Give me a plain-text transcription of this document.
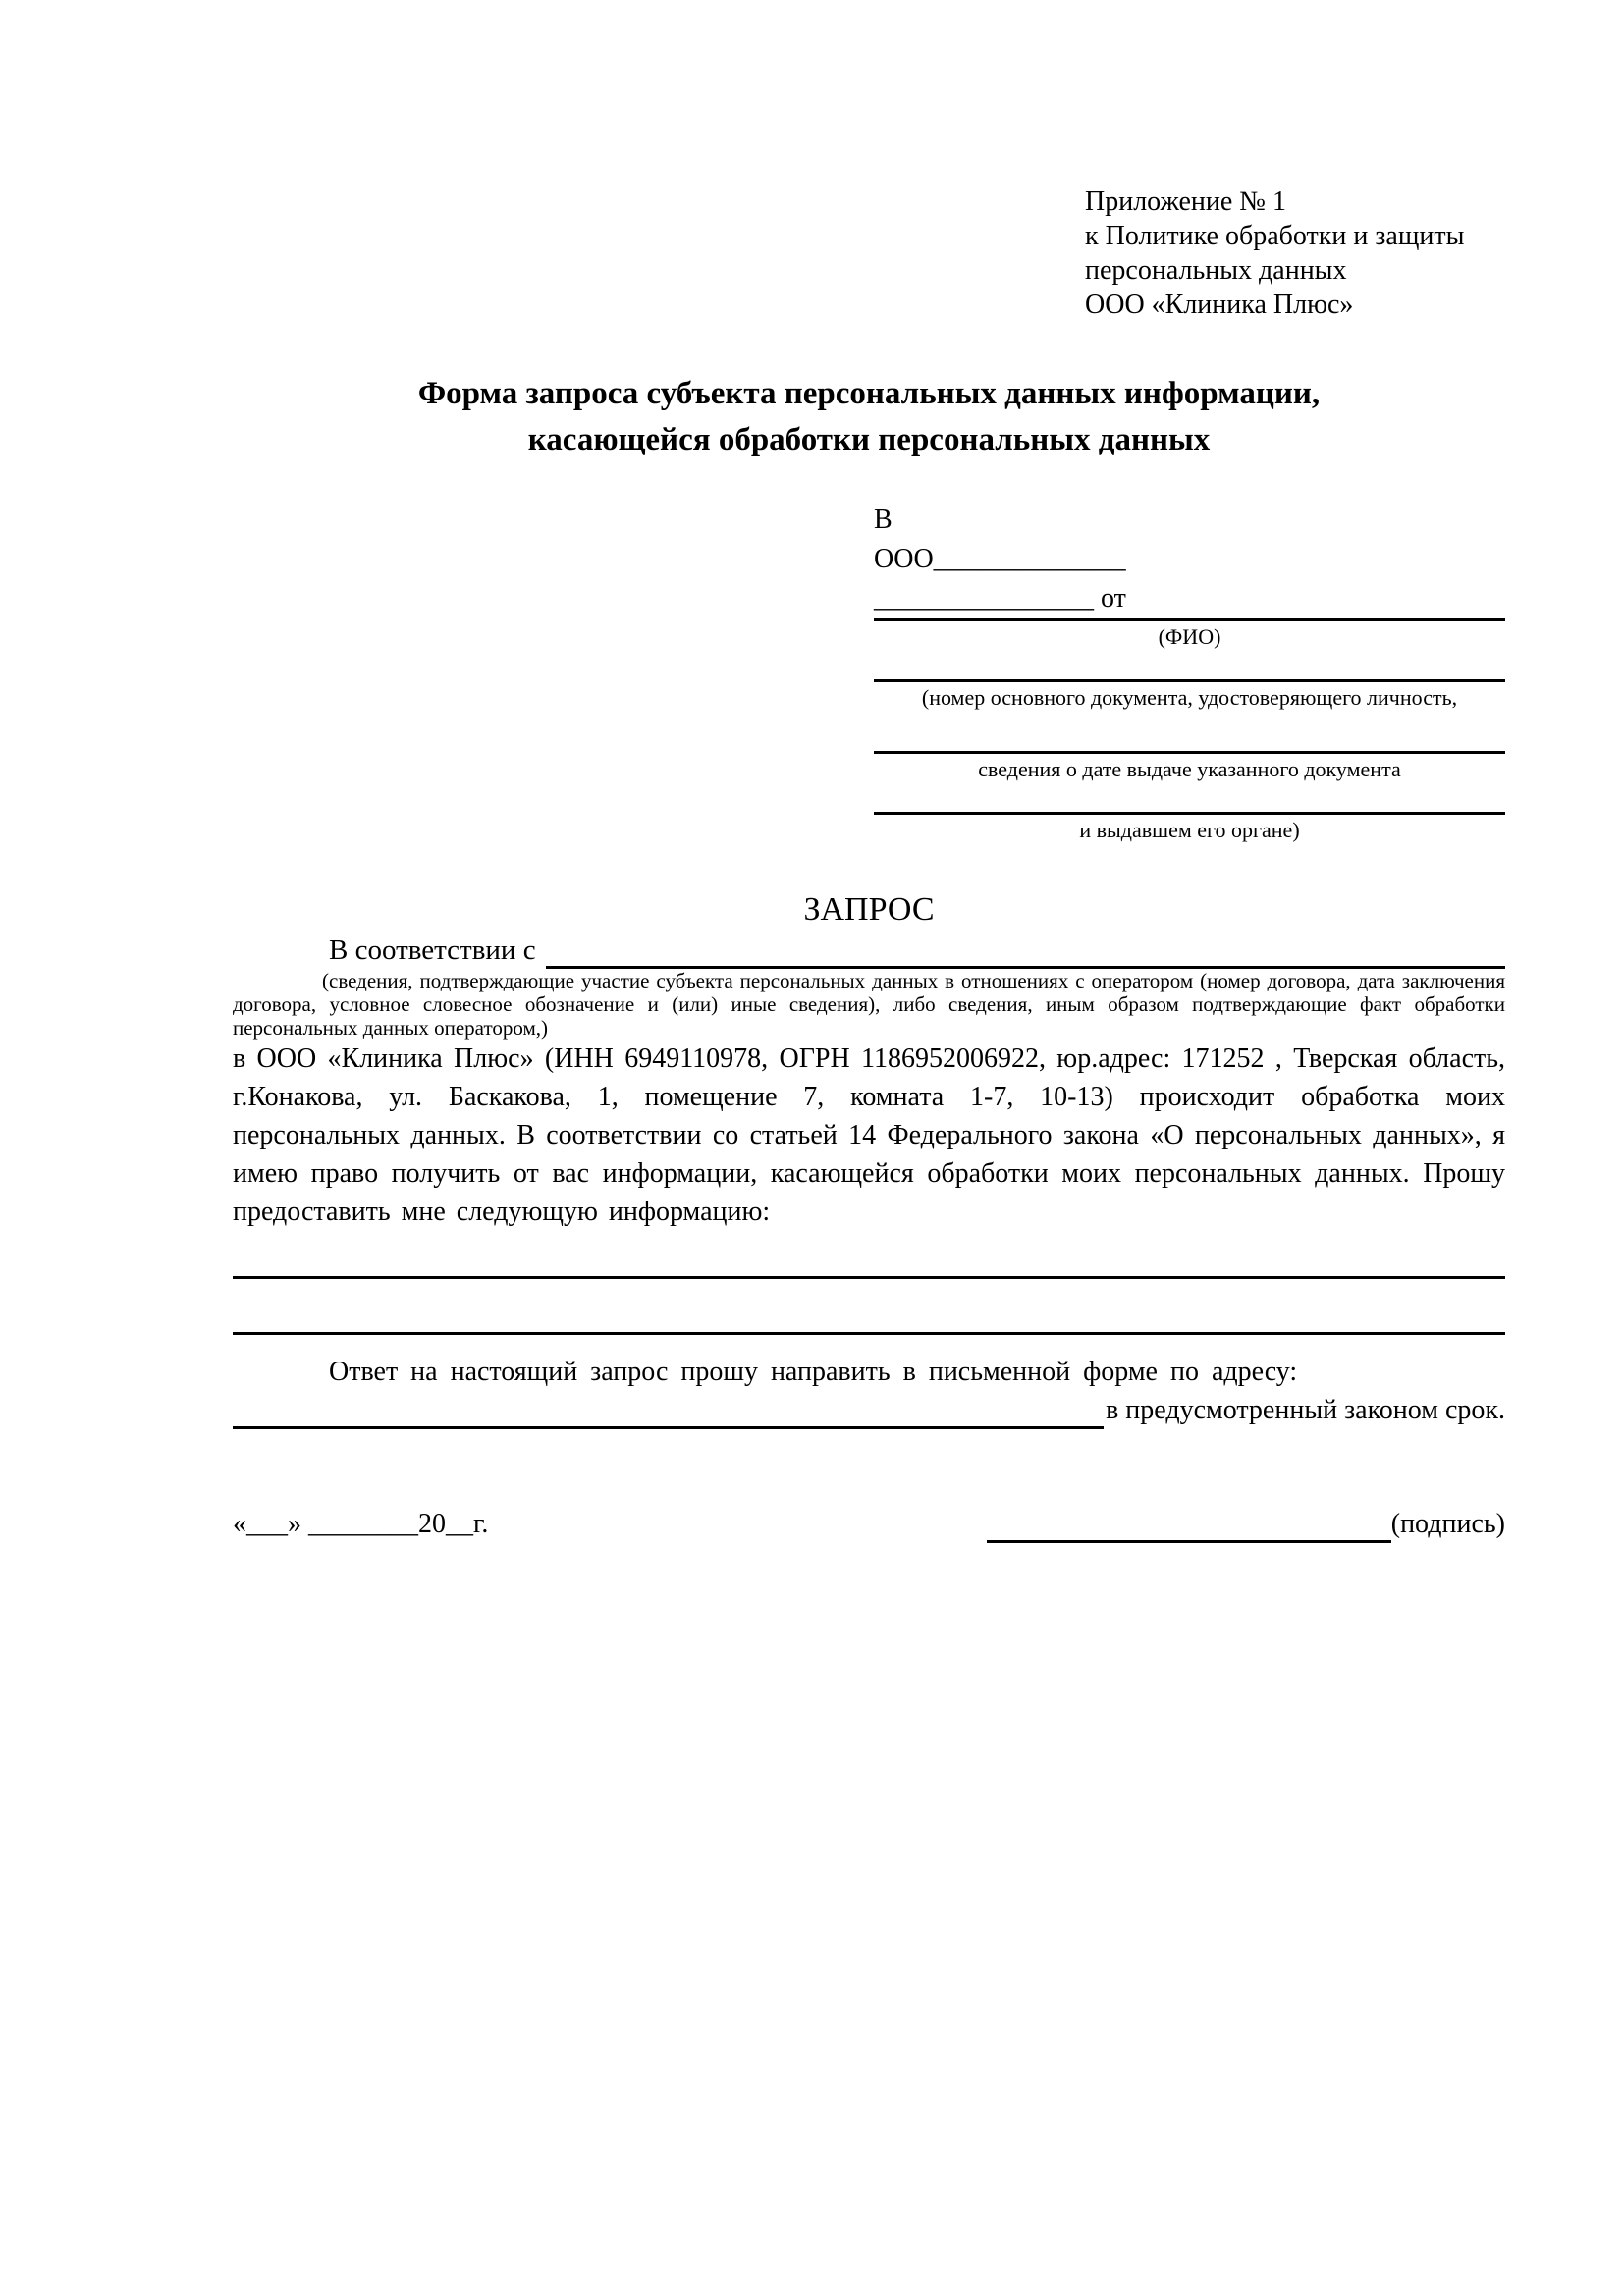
Приложение № 1
к Политике обработки и защиты
персональных данных
ООО «Клиника Плюс»
Форма запроса субъекта персональных данных информации,
касающейся обработки персональных данных
В
ООО______________
________________ от
(ФИО)
(номер основного документа, удостоверяющего личность,
сведения о дате выдаче указанного документа
и выдавшем его органе)
ЗАПРОС
В соответствии с
(сведения, подтверждающие участие субъекта персональных данных в отношениях с оператором (номер договора, дата заключения договора, условное словесное обозначение и (или) иные сведения), либо сведения, иным образом подтверждающие факт обработки персональных данных оператором,)
в ООО «Клиника Плюс» (ИНН 6949110978, ОГРН 1186952006922, юр.адрес: 171252 , Тверская область, г.Конакова, ул. Баскакова, 1, помещение 7, комната 1-7, 10-13) происходит обработка моих персональных данных. В соответствии со статьей 14 Федерального закона «О персональных данных», я имею право получить от вас информации, касающейся обработки моих персональных данных. Прошу предоставить мне следующую информацию:
Ответ на настоящий запрос прошу направить в письменной форме по адресу:
в предусмотренный законом срок.
«___» ________20__г.	(подпись)
